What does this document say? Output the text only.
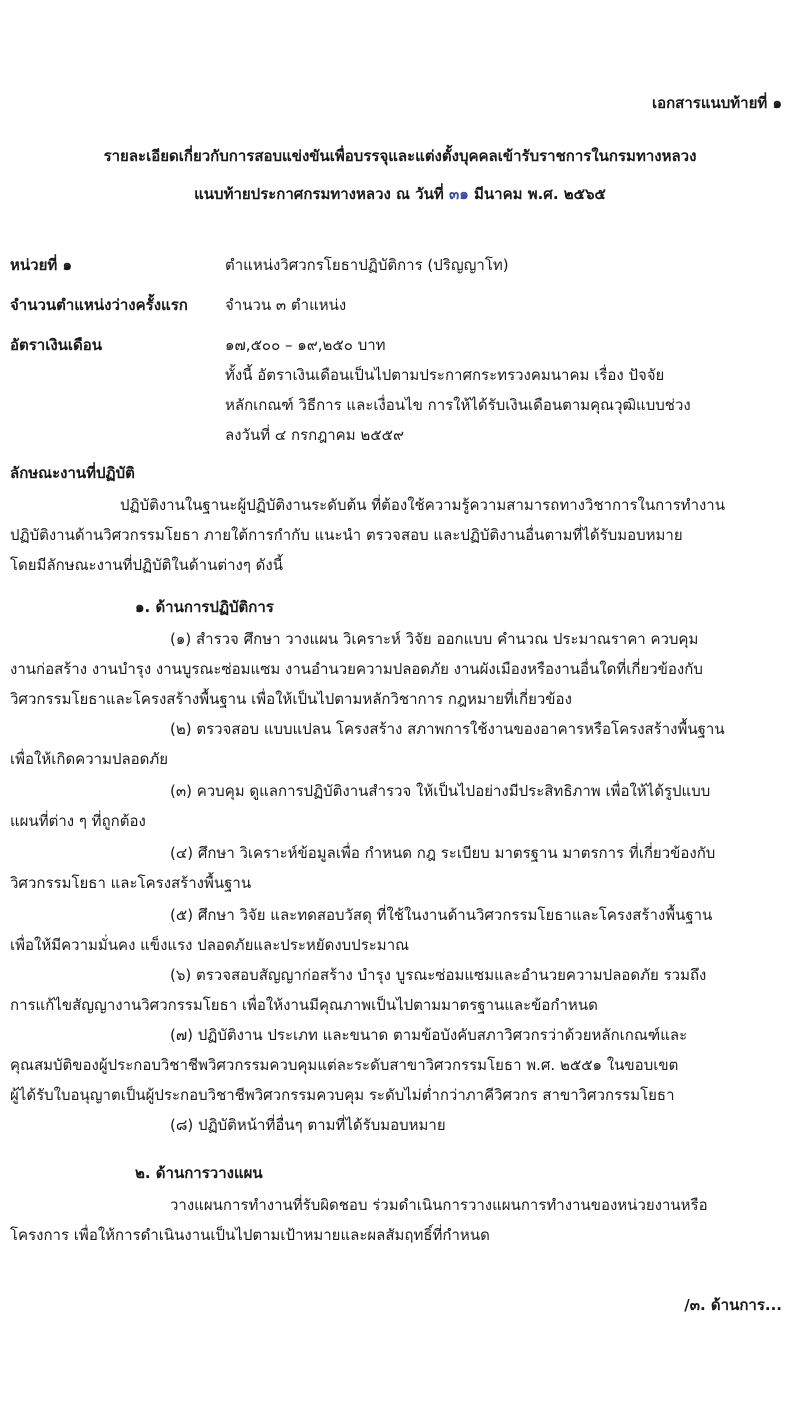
เอกสารแนบท้ายที่ ๑
รายละเอียดเกี่ยวกับการสอบแข่งขันเพื่อบรรจุและแต่งตั้งบุคคลเข้ารับราชการในกรมทางหลวง
แนบท้ายประกาศกรมทางหลวง ณ วันที่ ๓๑ มีนาคม พ.ศ. ๒๕๖๕
หน่วยที่ ๑	ตำแหน่งวิศวกรโยธาปฏิบัติการ (ปริญญาโท)
จำนวนตำแหน่งว่างครั้งแรก จำนวน ๓ ตำแหน่ง
อัตราเงินเดือน	๑๗,๕๐๐ – ๑๙,๒๕๐ บาท
ทั้งนี้ อัตราเงินเดือนเป็นไปตามประกาศกระทรวงคมนาคม เรื่อง ปัจจัย
หลักเกณฑ์ วิธีการ และเงื่อนไข การให้ได้รับเงินเดือนตามคุณวุฒิแบบช่วง
ลงวันที่ ๔ กรกฎาคม ๒๕๕๙
ลักษณะงานที่ปฏิบัติ
ปฏิบัติงานในฐานะผู้ปฏิบัติงานระดับต้น ที่ต้องใช้ความรู้ความสามารถทางวิชาการในการทำงาน
ปฏิบัติงานด้านวิศวกรรมโยธา ภายใต้การกำกับ แนะนำ ตรวจสอบ และปฏิบัติงานอื่นตามที่ได้รับมอบหมาย
โดยมีลักษณะงานที่ปฏิบัติในด้านต่างๆ ดังนี้
๑. ด้านการปฏิบัติการ
(๑) สำรวจ ศึกษา วางแผน วิเคราะห์ วิจัย ออกแบบ คำนวณ ประมาณราคา ควบคุม
งานก่อสร้าง งานบำรุง งานบูรณะซ่อมแซม งานอำนวยความปลอดภัย งานผังเมืองหรืองานอื่นใดที่เกี่ยวข้องกับ
วิศวกรรมโยธาและโครงสร้างพื้นฐาน เพื่อให้เป็นไปตามหลักวิชาการ กฎหมายที่เกี่ยวข้อง
(๒) ตรวจสอบ แบบแปลน โครงสร้าง สภาพการใช้งานของอาคารหรือโครงสร้างพื้นฐาน
เพื่อให้เกิดความปลอดภัย
(๓) ควบคุม ดูแลการปฏิบัติงานสำรวจ ให้เป็นไปอย่างมีประสิทธิภาพ เพื่อให้ได้รูปแบบ
แผนที่ต่าง ๆ ที่ถูกต้อง
(๔) ศึกษา วิเคราะห์ข้อมูลเพื่อ กำหนด กฎ ระเบียบ มาตรฐาน มาตรการ ที่เกี่ยวข้องกับ
วิศวกรรมโยธา และโครงสร้างพื้นฐาน
(๕) ศึกษา วิจัย และทดสอบวัสดุ ที่ใช้ในงานด้านวิศวกรรมโยธาและโครงสร้างพื้นฐาน
เพื่อให้มีความมั่นคง แข็งแรง ปลอดภัยและประหยัดงบประมาณ
(๖) ตรวจสอบสัญญาก่อสร้าง บำรุง บูรณะซ่อมแซมและอำนวยความปลอดภัย รวมถึง
การแก้ไขสัญญางานวิศวกรรมโยธา เพื่อให้งานมีคุณภาพเป็นไปตามมาตรฐานและข้อกำหนด
(๗) ปฏิบัติงาน ประเภท และขนาด ตามข้อบังคับสภาวิศวกรว่าด้วยหลักเกณฑ์และ
คุณสมบัติของผู้ประกอบวิชาชีพวิศวกรรมควบคุมแต่ละระดับสาขาวิศวกรรมโยธา พ.ศ. ๒๕๕๑ ในขอบเขต
ผู้ได้รับใบอนุญาตเป็นผู้ประกอบวิชาชีพวิศวกรรมควบคุม ระดับไม่ต่ำกว่าภาคีวิศวกร สาขาวิศวกรรมโยธา
(๘) ปฏิบัติหน้าที่อื่นๆ ตามที่ได้รับมอบหมาย
๒. ด้านการวางแผน
วางแผนการทำงานที่รับผิดชอบ ร่วมดำเนินการวางแผนการทำงานของหน่วยงานหรือ
โครงการ เพื่อให้การดำเนินงานเป็นไปตามเป้าหมายและผลสัมฤทธิ์ที่กำหนด
/๓. ด้านการ...
